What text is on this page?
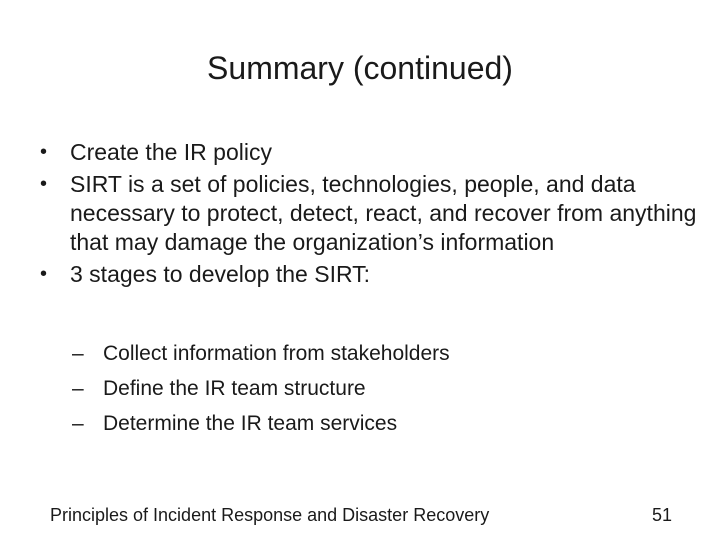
Summary (continued)
• Create the IR policy
• SIRT is a set of policies, technologies, people, and data necessary to protect, detect, react, and recover from anything that may damage the organization’s information
• 3 stages to develop the SIRT:
– Collect information from stakeholders
– Define the IR team structure
– Determine the IR team services
Principles of Incident Response and Disaster Recovery	51
